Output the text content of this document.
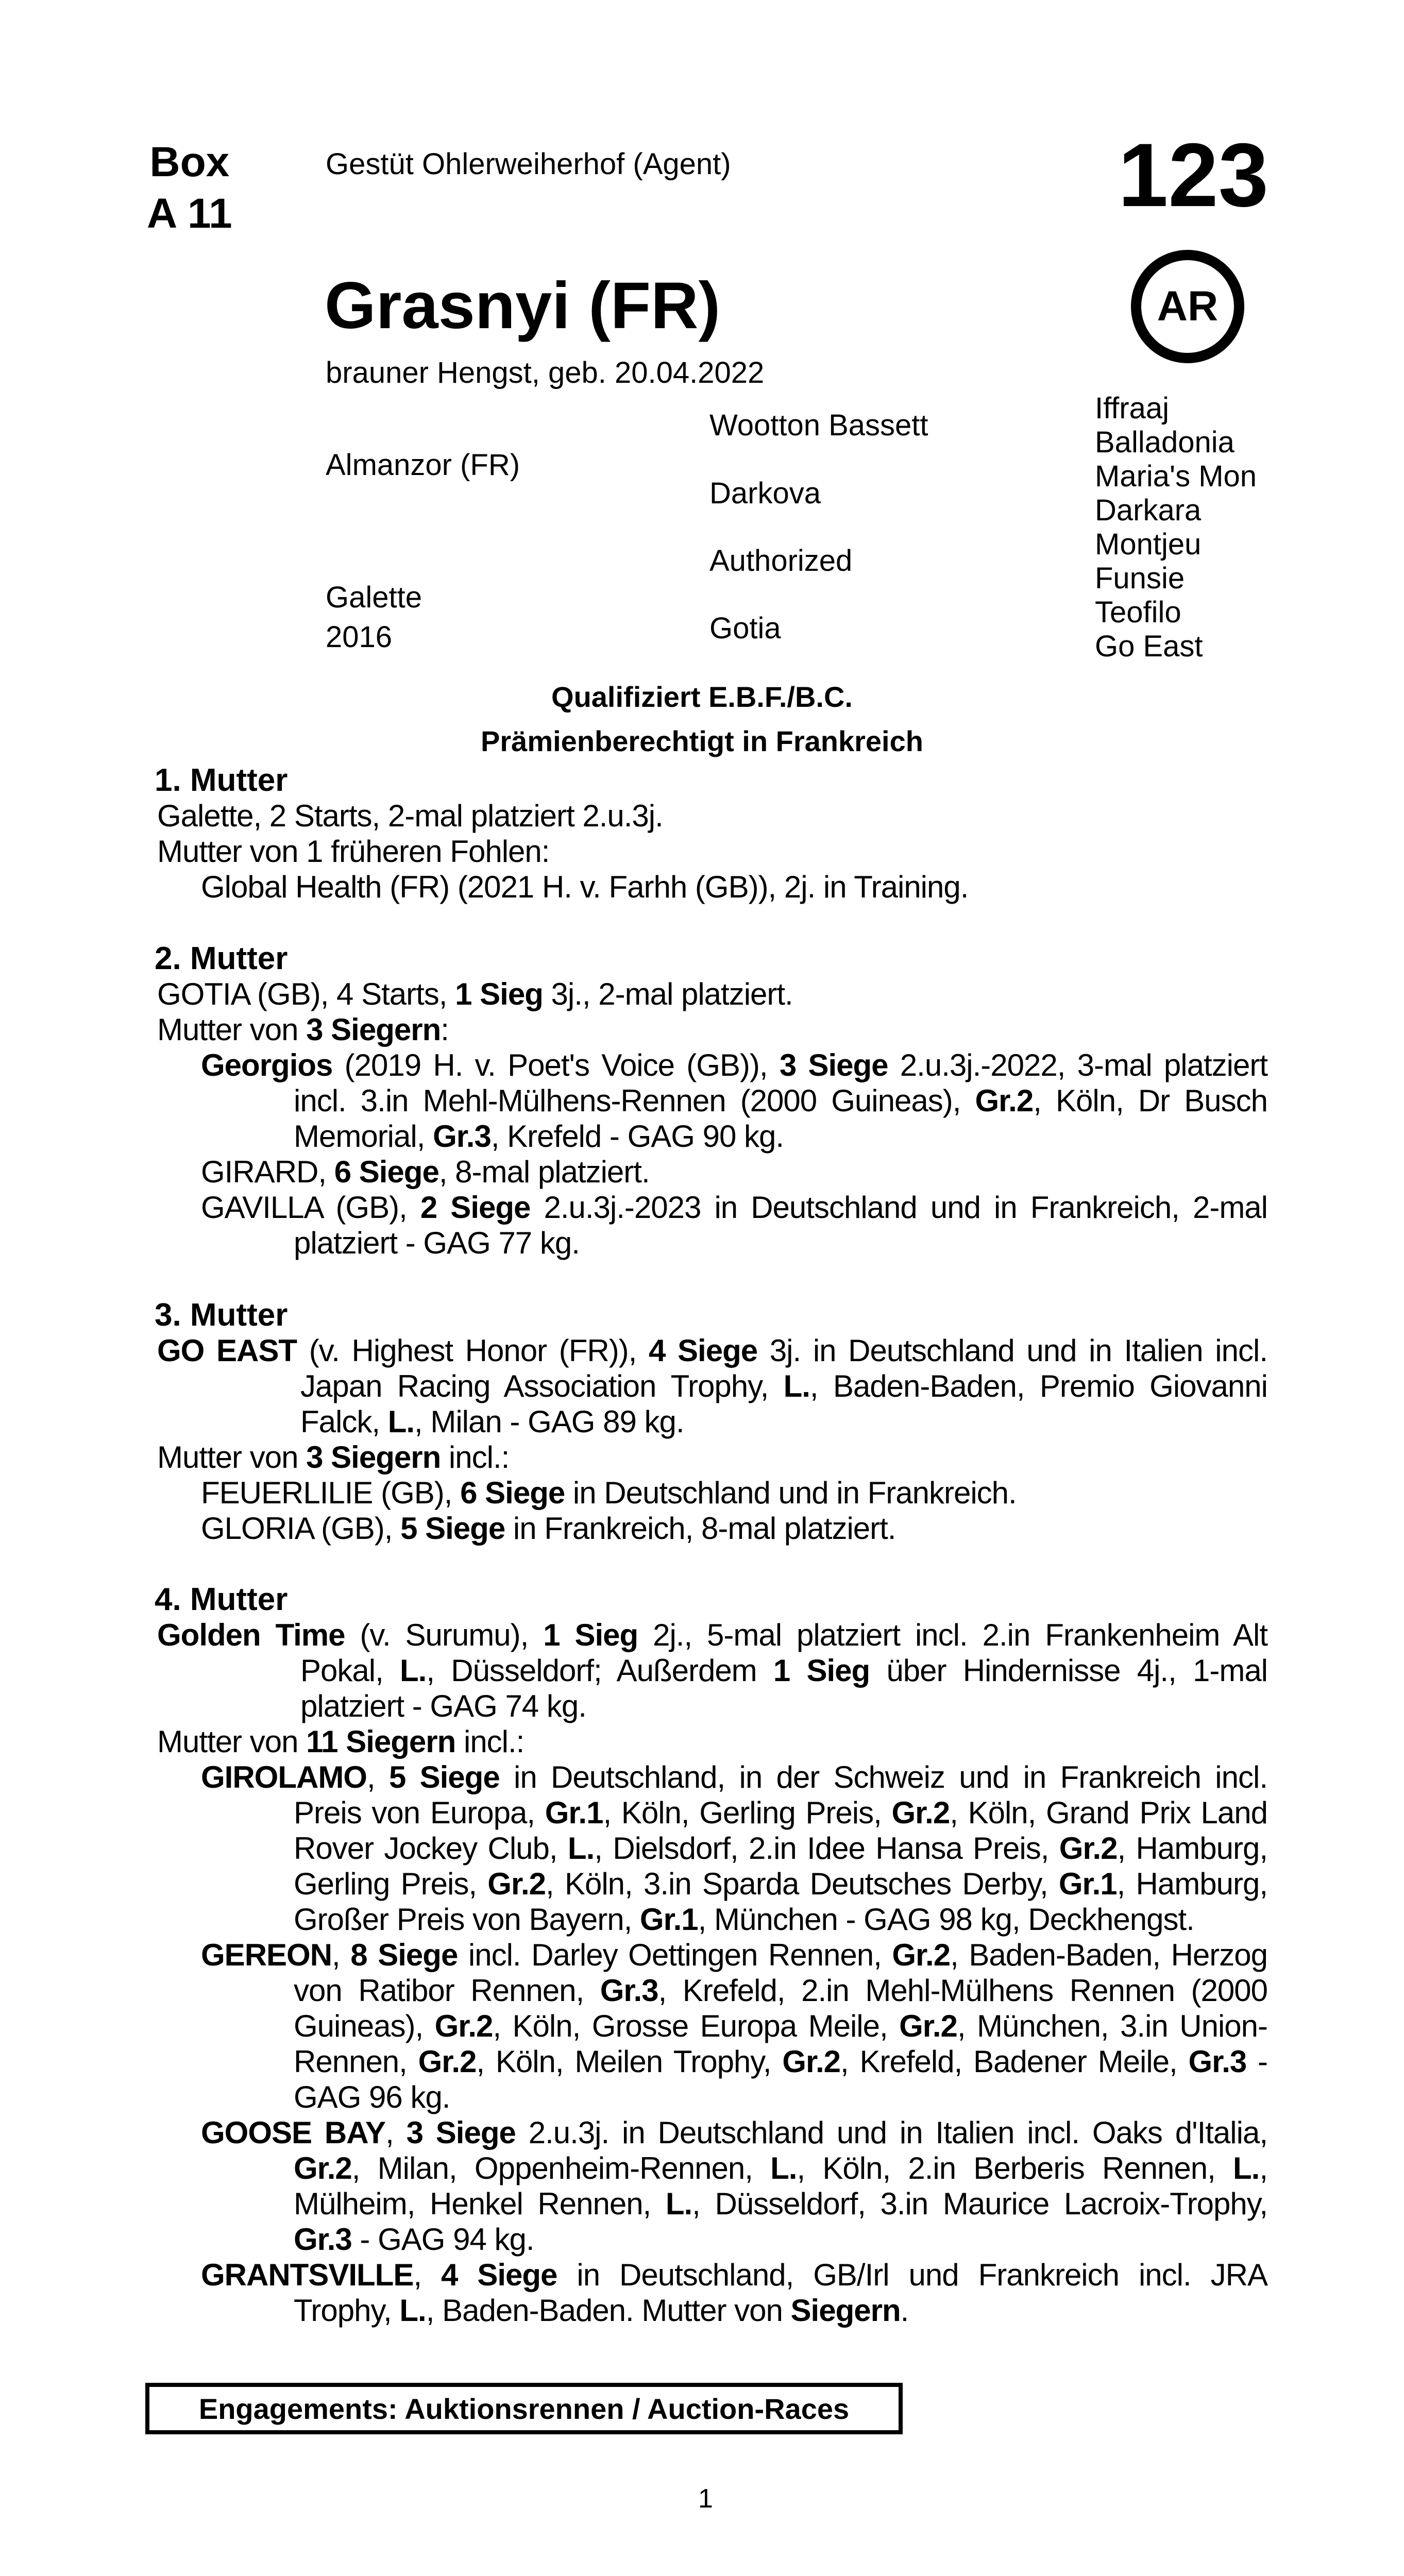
Box
A 11
Gestüt Ohlerweiherhof (Agent)	123
Grasnyi (FR)	AR
brauner Hengst, geb. 20.04.2022
Almanzor (FR)
Galette
2016
Wootton Bassett
Darkova
Authorized
Gotia
Iffraaj
Balladonia
Maria's Mon
Darkara
Montjeu
Funsie
Teofilo
Go East
Qualifiziert E.B.F./B.C.
Prämienberechtigt in Frankreich
1. Mutter
Galette, 2 Starts, 2-mal platziert 2.u.3j.
Mutter von 1 früheren Fohlen:
Global Health (FR) (2021 H. v. Farhh (GB)), 2j. in Training.
2. Mutter
GOTIA (GB), 4 Starts, 1 Sieg 3j., 2-mal platziert.
Mutter von 3 Siegern:
Georgios (2019 H. v. Poet's Voice (GB)), 3 Siege 2.u.3j.-2022, 3-mal platziert incl. 3.in Mehl-Mülhens-Rennen (2000 Guineas), Gr.2, Köln, Dr Busch Memorial, Gr.3, Krefeld - GAG 90 kg.
GIRARD, 6 Siege, 8-mal platziert.
GAVILLA (GB), 2 Siege 2.u.3j.-2023 in Deutschland und in Frankreich, 2-mal platziert - GAG 77 kg.
3. Mutter
GO EAST (v. Highest Honor (FR)), 4 Siege 3j. in Deutschland und in Italien incl. Japan Racing Association Trophy, L., Baden-Baden, Premio Giovanni Falck, L., Milan - GAG 89 kg.
Mutter von 3 Siegern incl.:
FEUERLILIE (GB), 6 Siege in Deutschland und in Frankreich.
GLORIA (GB), 5 Siege in Frankreich, 8-mal platziert.
4. Mutter
Golden Time (v. Surumu), 1 Sieg 2j., 5-mal platziert incl. 2.in Frankenheim Alt Pokal, L., Düsseldorf; Außerdem 1 Sieg über Hindernisse 4j., 1-mal platziert - GAG 74 kg.
Mutter von 11 Siegern incl.:
GIROLAMO, 5 Siege in Deutschland, in der Schweiz und in Frankreich incl. Preis von Europa, Gr.1, Köln, Gerling Preis, Gr.2, Köln, Grand Prix Land Rover Jockey Club, L., Dielsdorf, 2.in Idee Hansa Preis, Gr.2, Hamburg, Gerling Preis, Gr.2, Köln, 3.in Sparda Deutsches Derby, Gr.1, Hamburg, Großer Preis von Bayern, Gr.1, München - GAG 98 kg, Deckhengst.
GEREON, 8 Siege incl. Darley Oettingen Rennen, Gr.2, Baden-Baden, Herzog von Ratibor Rennen, Gr.3, Krefeld, 2.in Mehl-Mülhens Rennen (2000 Guineas), Gr.2, Köln, Grosse Europa Meile, Gr.2, München, 3.in Union-Rennen, Gr.2, Köln, Meilen Trophy, Gr.2, Krefeld, Badener Meile, Gr.3 - GAG 96 kg.
GOOSE BAY, 3 Siege 2.u.3j. in Deutschland und in Italien incl. Oaks d'Italia, Gr.2, Milan, Oppenheim-Rennen, L., Köln, 2.in Berberis Rennen, L., Mülheim, Henkel Rennen, L., Düsseldorf, 3.in Maurice Lacroix-Trophy, Gr.3 - GAG 94 kg.
GRANTSVILLE, 4 Siege in Deutschland, GB/Irl und Frankreich incl. JRA Trophy, L., Baden-Baden. Mutter von Siegern.
Engagements: Auktionsrennen / Auction-Races
1
